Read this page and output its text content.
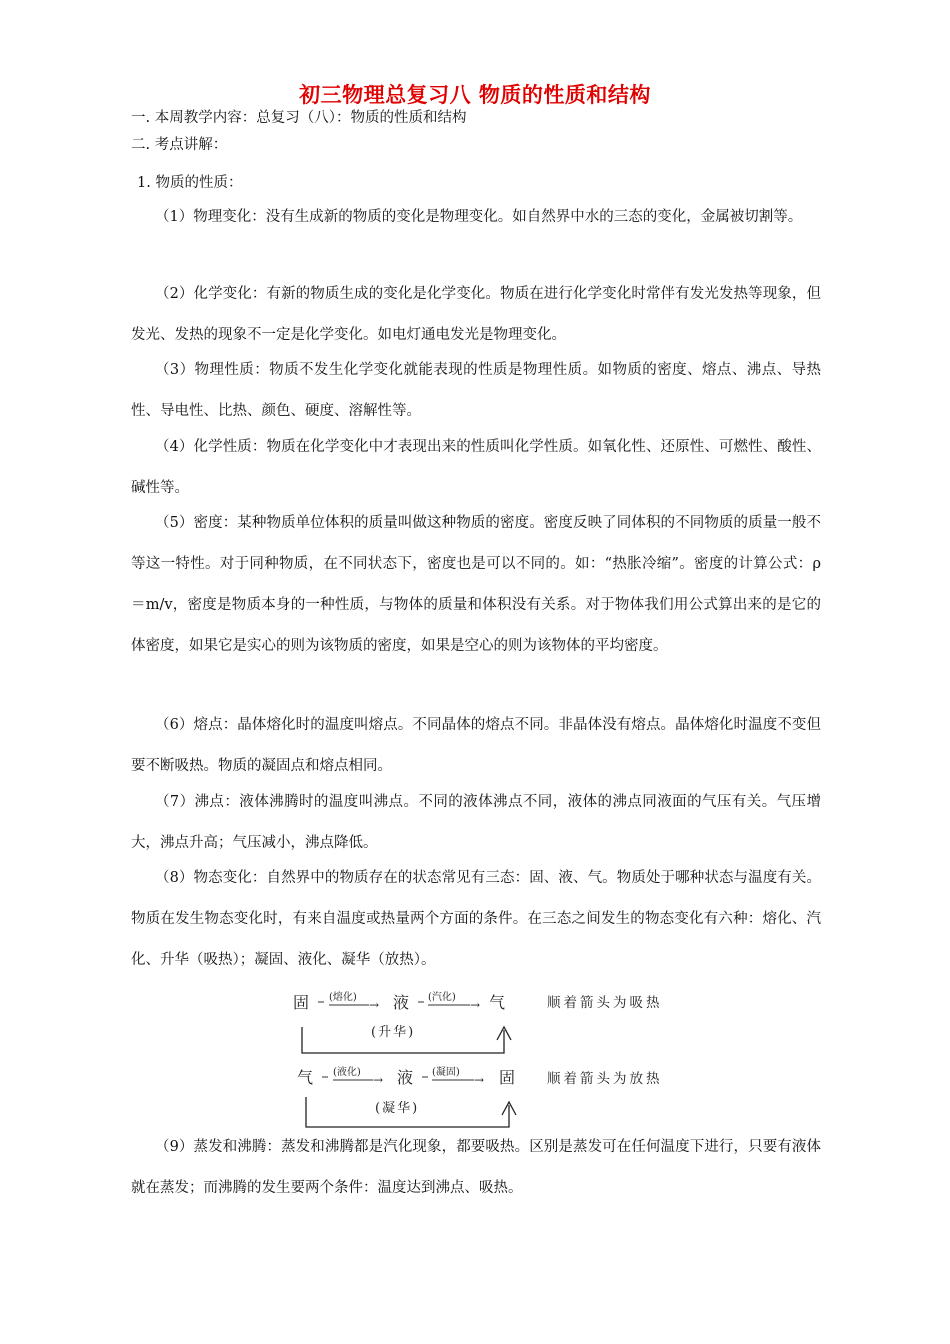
初三物理总复习八 物质的性质和结构
一. 本周教学内容：总复习（八）：物质的性质和结构
二. 考点讲解：
1. 物质的性质：

（1）物理变化：没有生成新的物质的变化是物理变化。如自然界中水的三态的变化，金属被切割等。

（2）化学变化：有新的物质生成的变化是化学变化。物质在进行化学变化时常伴有发光发热等现象，但发光、发热的现象不一定是化学变化。如电灯通电发光是物理变化。

（3）物理性质：物质不发生化学变化就能表现的性质是物理性质。如物质的密度、熔点、沸点、导热性、导电性、比热、颜色、硬度、溶解性等。

（4）化学性质：物质在化学变化中才表现出来的性质叫化学性质。如氧化性、还原性、可燃性、酸性、碱性等。

（5）密度：某种物质单位体积的质量叫做这种物质的密度。密度反映了同体积的不同物质的质量一般不等这一特性。对于同种物质，在不同状态下，密度也是可以不同的。如：“热胀冷缩”。密度的计算公式：ρ＝m/v，密度是物质本身的一种性质，与物体的质量和体积没有关系。对于物体我们用公式算出来的是它的体密度，如果它是实心的则为该物质的密度，如果是空心的则为该物体的平均密度。

（6）熔点：晶体熔化时的温度叫熔点。不同晶体的熔点不同。非晶体没有熔点。晶体熔化时温度不变但要不断吸热。物质的凝固点和熔点相同。

（7）沸点：液体沸腾时的温度叫沸点。不同的液体沸点不同，液体的沸点同液面的气压有关。气压增大，沸点升高；气压减小，沸点降低。

（8）物态变化：自然界中的物质存在的状态常见有三态：固、液、气。物质处于哪种状态与温度有关。物质在发生物态变化时，有来自温度或热量两个方面的条件。在三态之间发生的物态变化有六种：熔化、汽化、升华（吸热）；凝固、液化、凝华（放热）。

固 (熔化)
→ 液 (汽化)
→ 气	顺着箭头为吸热
(升华)
气 (液化)
→ 液 (凝固)
→ 固 顺着箭头为放热
(凝华)

（9）蒸发和沸腾：蒸发和沸腾都是汽化现象，都要吸热。区别是蒸发可在任何温度下进行，只要有液体就在蒸发；而沸腾的发生要两个条件：温度达到沸点、吸热。
